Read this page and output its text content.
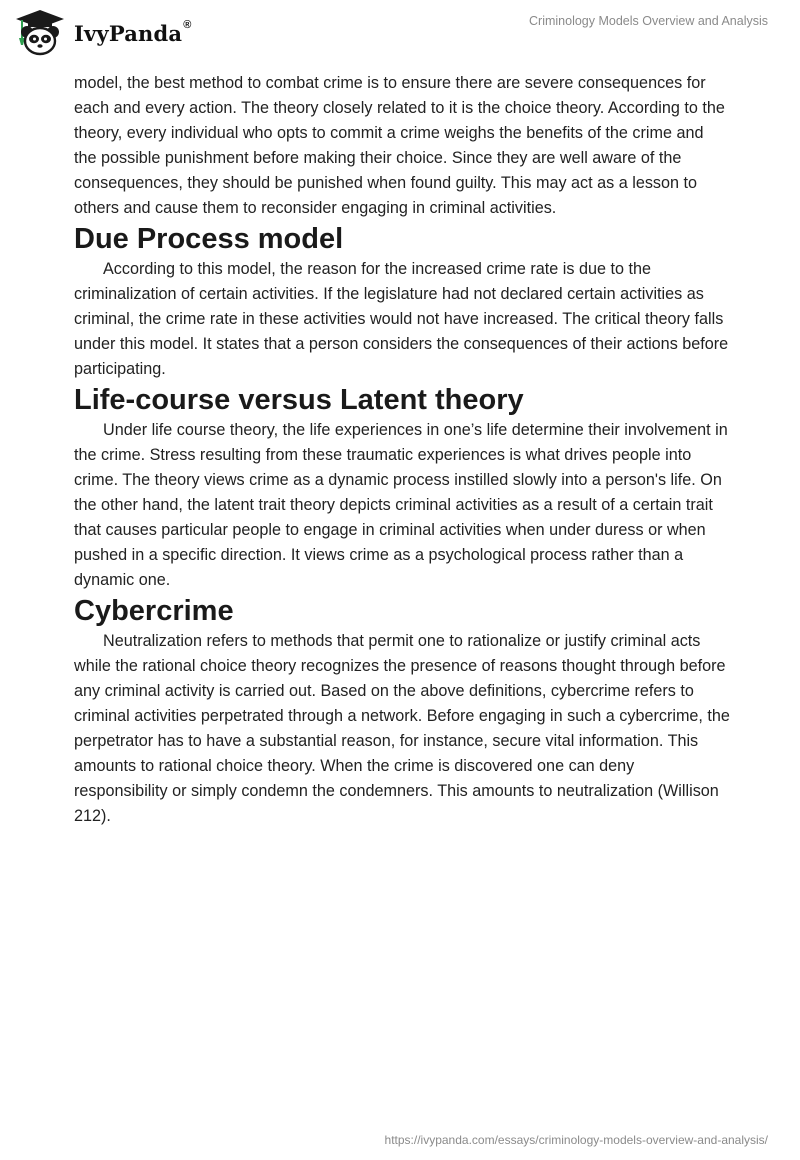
IvyPanda®	Criminology Models Overview and Analysis

model, the best method to combat crime is to ensure there are severe consequences for each and every action. The theory closely related to it is the choice theory. According to the theory, every individual who opts to commit a crime weighs the benefits of the crime and the possible punishment before making their choice. Since they are well aware of the consequences, they should be punished when found guilty. This may act as a lesson to others and cause them to reconsider engaging in criminal activities.

Due Process model

According to this model, the reason for the increased crime rate is due to the criminalization of certain activities. If the legislature had not declared certain activities as criminal, the crime rate in these activities would not have increased. The critical theory falls under this model. It states that a person considers the consequences of their actions before participating.

Life-course versus Latent theory

Under life course theory, the life experiences in one’s life determine their involvement in the crime. Stress resulting from these traumatic experiences is what drives people into crime. The theory views crime as a dynamic process instilled slowly into a person's life. On the other hand, the latent trait theory depicts criminal activities as a result of a certain trait that causes particular people to engage in criminal activities when under duress or when pushed in a specific direction. It views crime as a psychological process rather than a dynamic one.

Cybercrime

Neutralization refers to methods that permit one to rationalize or justify criminal acts while the rational choice theory recognizes the presence of reasons thought through before any criminal activity is carried out. Based on the above definitions, cybercrime refers to criminal activities perpetrated through a network. Before engaging in such a cybercrime, the perpetrator has to have a substantial reason, for instance, secure vital information. This amounts to rational choice theory. When the crime is discovered one can deny responsibility or simply condemn the condemners. This amounts to neutralization (Willison 212).

https://ivypanda.com/essays/criminology-models-overview-and-analysis/
